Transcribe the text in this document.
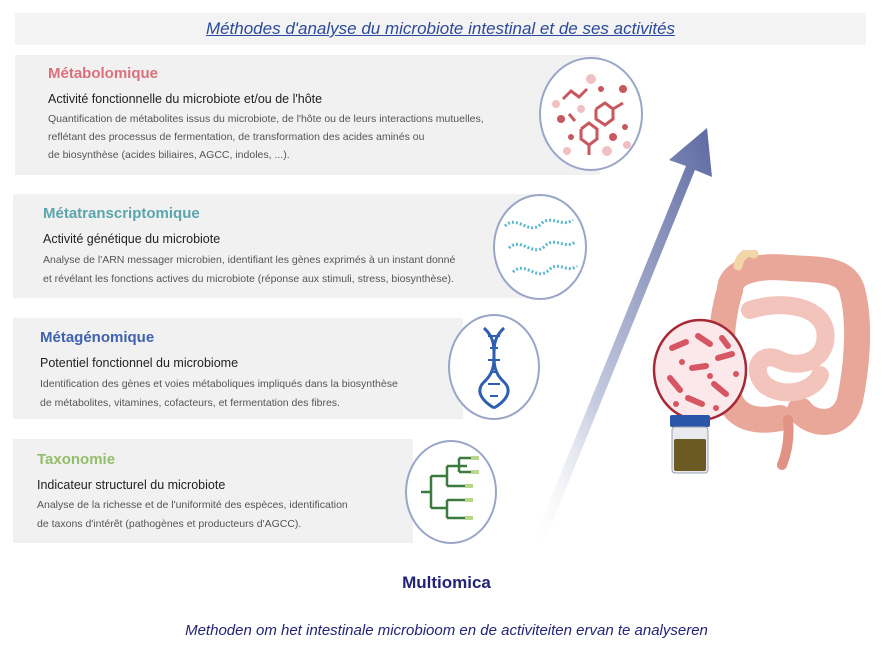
Méthodes d'analyse du microbiote intestinal et de ses activités
Métabolomique
Activité fonctionnelle du microbiote et/ou de l'hôte
Quantification de métabolites issus du microbiote, de l'hôte ou de leurs interactions mutuelles,
reflétant des processus de fermentation, de transformation des acides aminés ou
de biosynthèse (acides biliaires, AGCC, indoles, ...).
Métatranscriptomique
Activité génétique du microbiote
Analyse de l'ARN messager microbien, identifiant les gènes exprimés à un instant donné
et révélant les fonctions actives du microbiote (réponse aux stimuli, stress, biosynthèse).
Métagénomique
Potentiel fonctionnel du microbiome
Identification des gènes et voies métaboliques impliqués dans la biosynthèse
de métabolites, vitamines, cofacteurs, et fermentation des fibres.
Taxonomie
Indicateur structurel du microbiote
Analyse de la richesse et de l'uniformité des espèces, identification
de taxons d'intérêt (pathogènes et producteurs d'AGCC).
Multiomica
Methoden om het intestinale microbioom en de activiteiten ervan te analyseren
